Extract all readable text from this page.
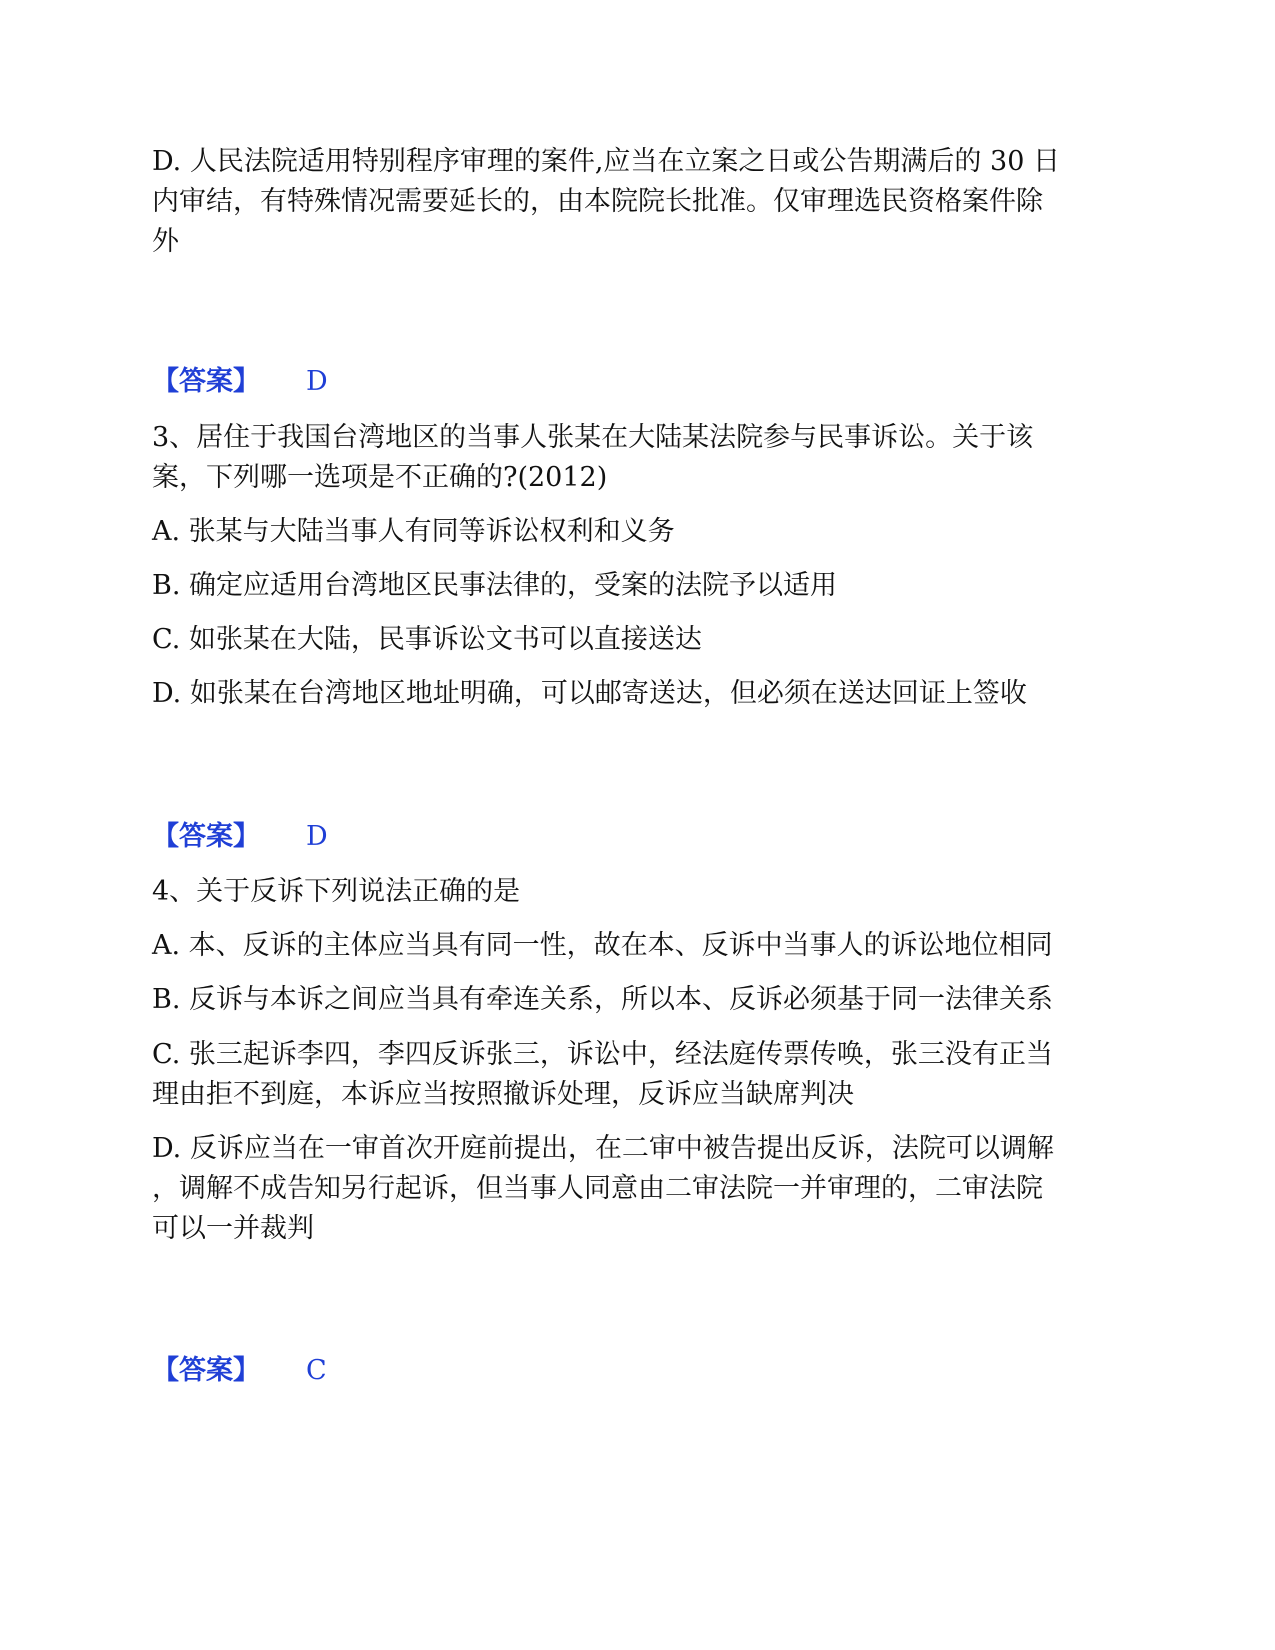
D. 人民法院适用特别程序审理的案件,应当在立案之日或公告期满后的 30 日
内审结，有特殊情况需要延长的，由本院院长批准。仅审理选民资格案件除
外
【答案】 D
3、居住于我国台湾地区的当事人张某在大陆某法院参与民事诉讼。关于该
案，下列哪一选项是不正确的?(2012)
A. 张某与大陆当事人有同等诉讼权利和义务
B. 确定应适用台湾地区民事法律的，受案的法院予以适用
C. 如张某在大陆，民事诉讼文书可以直接送达
D. 如张某在台湾地区地址明确，可以邮寄送达，但必须在送达回证上签收
【答案】 D
4、关于反诉下列说法正确的是
A. 本、反诉的主体应当具有同一性，故在本、反诉中当事人的诉讼地位相同
B. 反诉与本诉之间应当具有牵连关系，所以本、反诉必须基于同一法律关系
C. 张三起诉李四，李四反诉张三，诉讼中，经法庭传票传唤，张三没有正当
理由拒不到庭，本诉应当按照撤诉处理，反诉应当缺席判决
D. 反诉应当在一审首次开庭前提出，在二审中被告提出反诉，法院可以调解
，调解不成告知另行起诉，但当事人同意由二审法院一并审理的，二审法院
可以一并裁判
【答案】 C
